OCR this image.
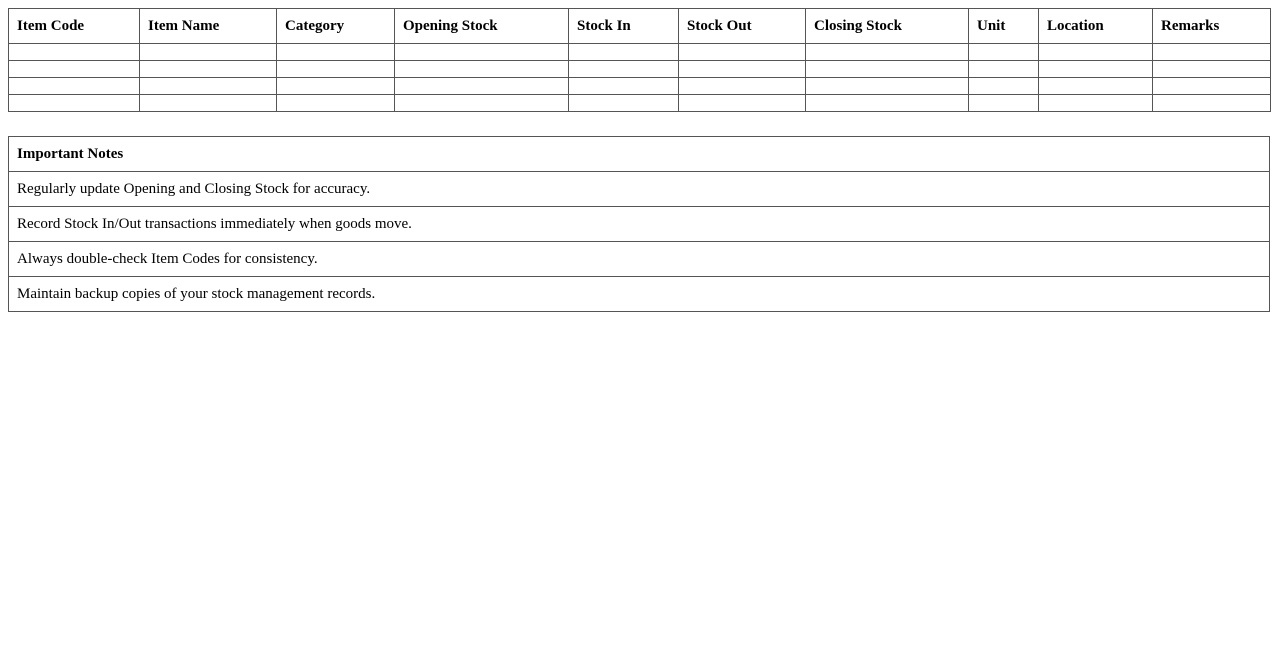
Item Code	Item Name	Category	Opening Stock	Stock In	Stock Out	Closing Stock	Unit	Location	Remarks

Important Notes
Regularly update Opening and Closing Stock for accuracy.
Record Stock In/Out transactions immediately when goods move.
Always double-check Item Codes for consistency.
Maintain backup copies of your stock management records.
